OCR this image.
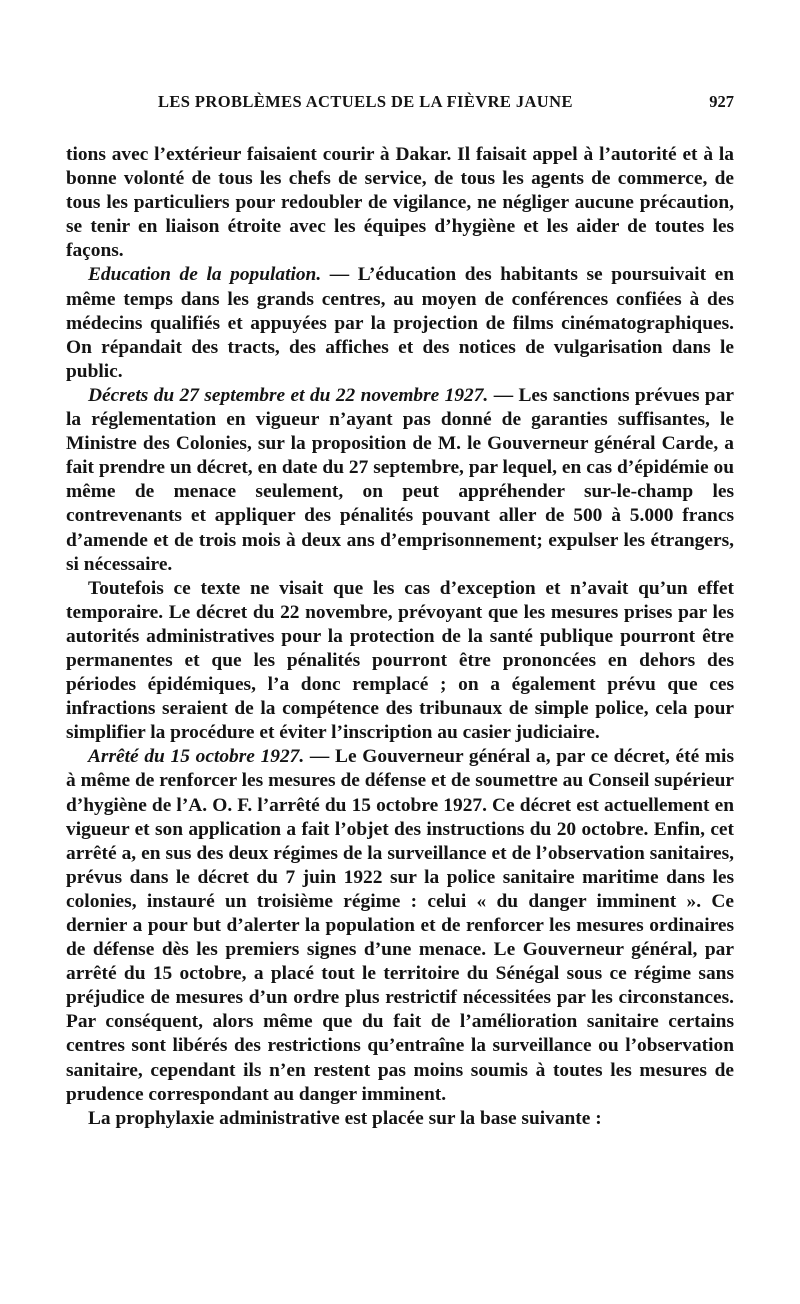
LES PROBLÈMES ACTUELS DE LA FIÈVRE JAUNE	927

tions avec l’extérieur faisaient courir à Dakar. Il faisait appel à l’autorité et à la bonne volonté de tous les chefs de service, de tous les agents de commerce, de tous les particuliers pour redoubler de vigilance, ne négliger aucune précaution, se tenir en liaison étroite avec les équipes d’hygiène et les aider de toutes les façons.

Education de la population. — L’éducation des habitants se poursuivait en même temps dans les grands centres, au moyen de conférences confiées à des médecins qualifiés et appuyées par la projection de films cinématographiques. On répandait des tracts, des affiches et des notices de vulgarisation dans le public.

Décrets du 27 septembre et du 22 novembre 1927. — Les sanctions prévues par la réglementation en vigueur n’ayant pas donné de garanties suffisantes, le Ministre des Colonies, sur la proposition de M. le Gouverneur général Carde, a fait prendre un décret, en date du 27 septembre, par lequel, en cas d’épidémie ou même de menace seulement, on peut appréhender sur-le-champ les contrevenants et appliquer des pénalités pouvant aller de 500 à 5.000 francs d’amende et de trois mois à deux ans d’emprisonnement; expulser les étrangers, si nécessaire.

Toutefois ce texte ne visait que les cas d’exception et n’avait qu’un effet temporaire. Le décret du 22 novembre, prévoyant que les mesures prises par les autorités administratives pour la protection de la santé publique pourront être permanentes et que les pénalités pourront être prononcées en dehors des périodes épidémiques, l’a donc remplacé ; on a également prévu que ces infractions seraient de la compétence des tribunaux de simple police, cela pour simplifier la procédure et éviter l’inscription au casier judiciaire.

Arrêté du 15 octobre 1927. — Le Gouverneur général a, par ce décret, été mis à même de renforcer les mesures de défense et de soumettre au Conseil supérieur d’hygiène de l’A. O. F. l’arrêté du 15 octobre 1927. Ce décret est actuellement en vigueur et son application a fait l’objet des instructions du 20 octobre. Enfin, cet arrêté a, en sus des deux régimes de la surveillance et de l’observation sanitaires, prévus dans le décret du 7 juin 1922 sur la police sanitaire maritime dans les colonies, instauré un troisième régime : celui « du danger imminent ». Ce dernier a pour but d’alerter la population et de renforcer les mesures ordinaires de défense dès les premiers signes d’une menace. Le Gouverneur général, par arrêté du 15 octobre, a placé tout le territoire du Sénégal sous ce régime sans préjudice de mesures d’un ordre plus restrictif nécessitées par les circonstances. Par conséquent, alors même que du fait de l’amélioration sanitaire certains centres sont libérés des restrictions qu’entraîne la surveillance ou l’observation sanitaire, cependant ils n’en restent pas moins soumis à toutes les mesures de prudence correspondant au danger imminent.

La prophylaxie administrative est placée sur la base suivante :
